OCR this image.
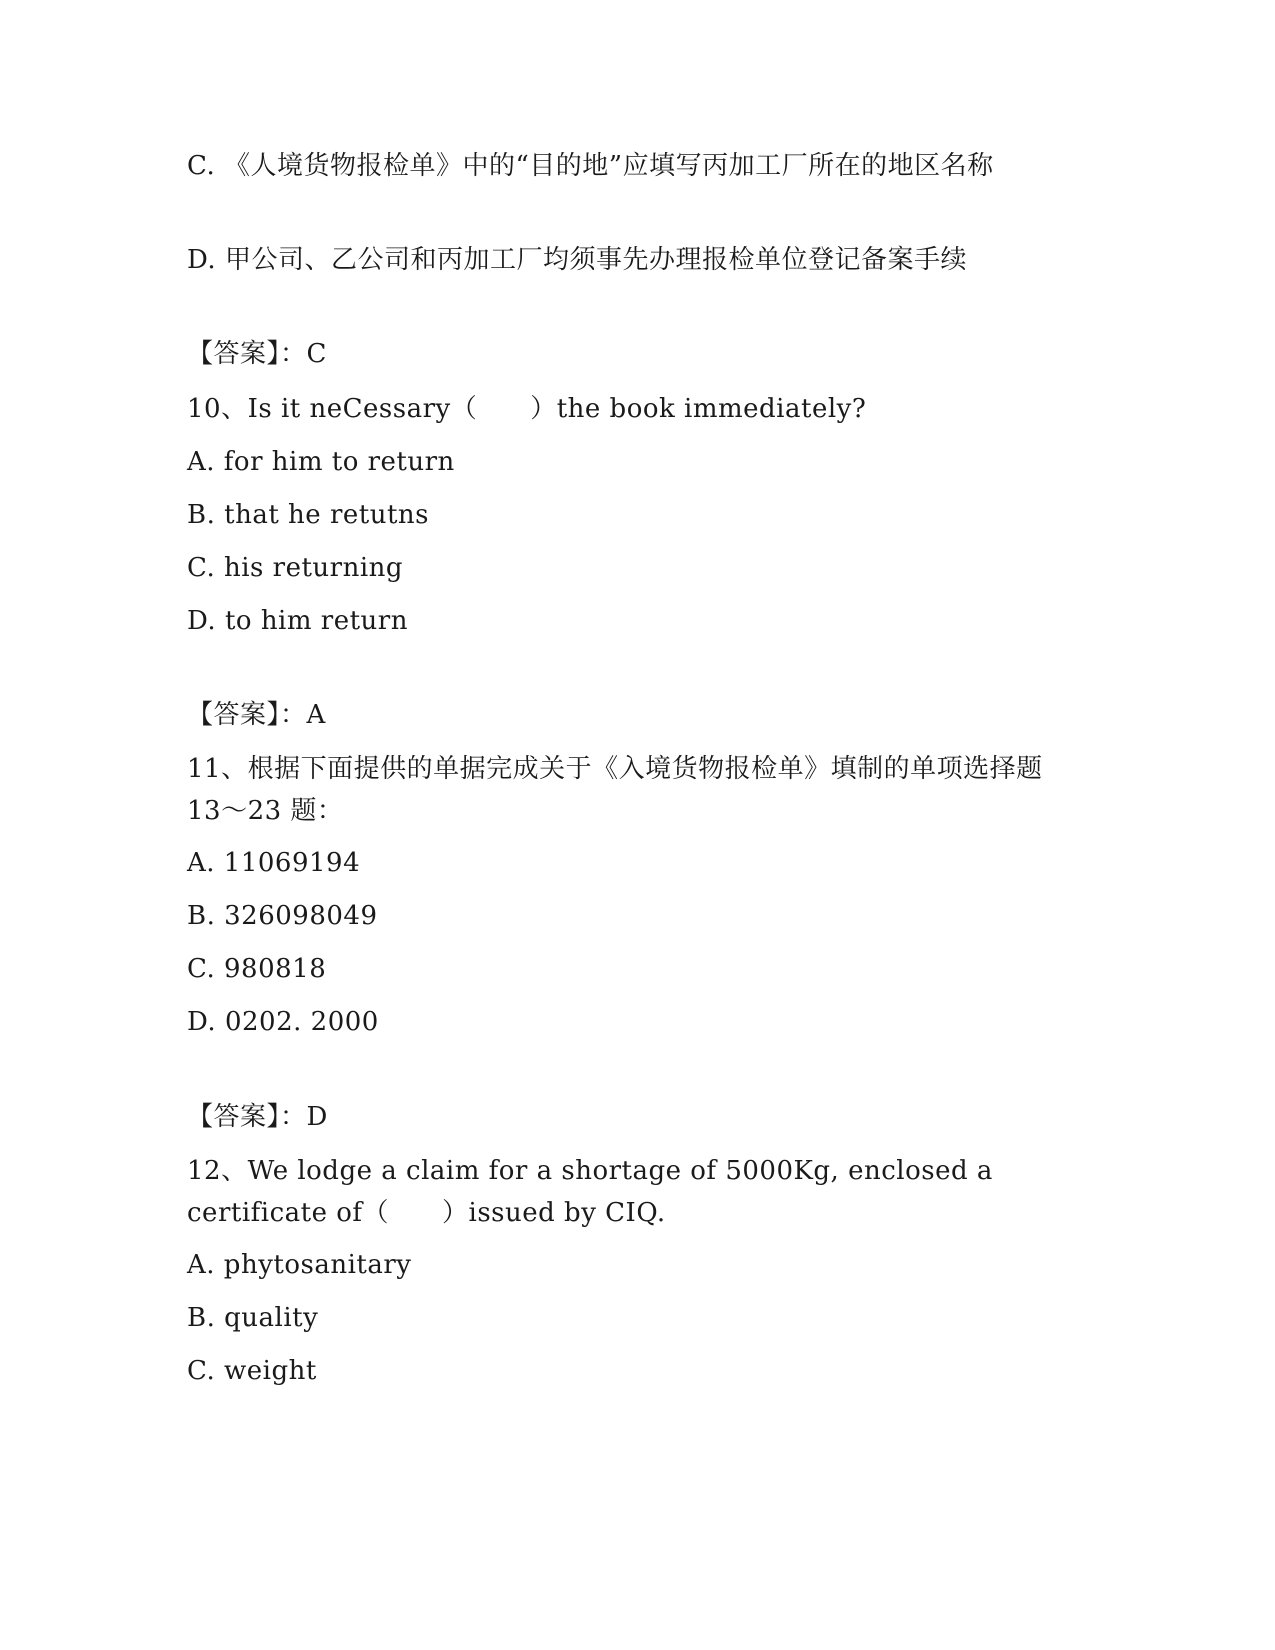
C. 《人境货物报检单》中的“目的地”应填写丙加工厂所在的地区名称
D. 甲公司、乙公司和丙加工厂均须事先办理报检单位登记备案手续
【答案】：C
10、Is it neCessary（　　）the book immediately?
A. for him to return
B. that he retutns
C. his returning
D. to him return
【答案】：A
11、根据下面提供的单据完成关于《入境货物报检单》填制的单项选择题 13～23 题：
A. 11069194
B. 326098049
C. 980818
D. 0202. 2000
【答案】：D
12、We lodge a claim for a shortage of 5000Kg, enclosed a certificate of（　　）issued by CIQ.
A. phytosanitary
B. quality
C. weight
